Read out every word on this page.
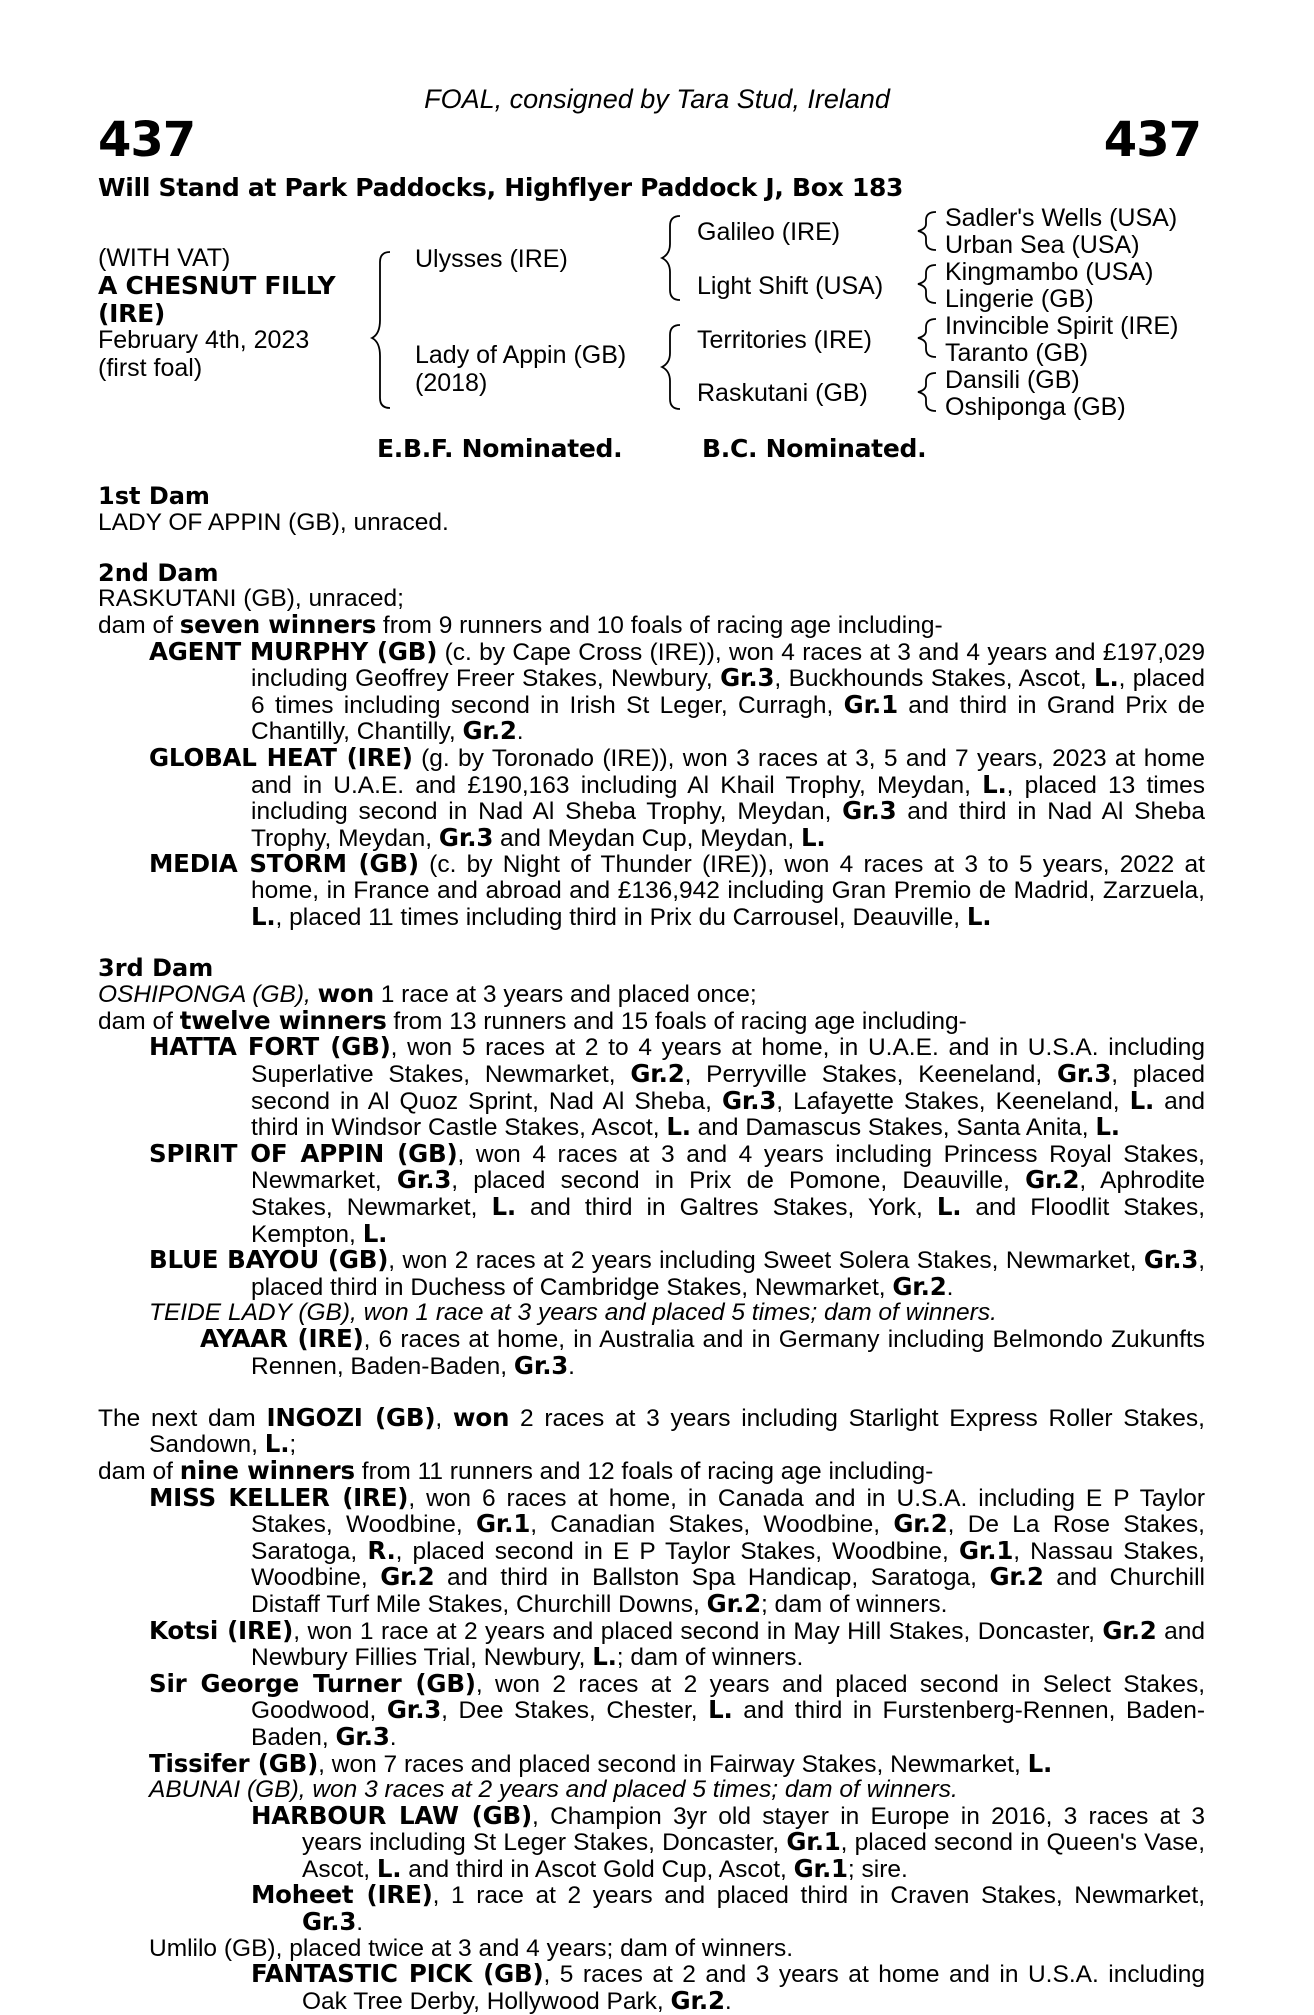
FOAL, consigned by Tara Stud, Ireland
437	437
Will Stand at Park Paddocks, Highflyer Paddock J, Box 183
(WITH VAT)
A CHESNUT FILLY
(IRE)
February 4th, 2023
(first foal)
Ulysses (IRE)
Lady of Appin (GB)
(2018)
Galileo (IRE)
Light Shift (USA)
Territories (IRE)
Raskutani (GB)
Sadler's Wells (USA)
Urban Sea (USA)
Kingmambo (USA)
Lingerie (GB)
Invincible Spirit (IRE)
Taranto (GB)
Dansili (GB)
Oshiponga (GB)
E.B.F. Nominated.	B.C. Nominated.
1st Dam

LADY OF APPIN (GB), unraced.

2nd Dam

RASKUTANI (GB), unraced;

dam of seven winners from 9 runners and 10 foals of racing age including-

AGENT MURPHY (GB) (c. by Cape Cross (IRE)), won 4 races at 3 and 4 years and £197,029 including Geoffrey Freer Stakes, Newbury, Gr.3, Buckhounds Stakes, Ascot, L., placed 6 times including second in Irish St Leger, Curragh, Gr.1 and third in Grand Prix de Chantilly, Chantilly, Gr.2.

GLOBAL HEAT (IRE) (g. by Toronado (IRE)), won 3 races at 3, 5 and 7 years, 2023 at home and in U.A.E. and £190,163 including Al Khail Trophy, Meydan, L., placed 13 times including second in Nad Al Sheba Trophy, Meydan, Gr.3 and third in Nad Al Sheba Trophy, Meydan, Gr.3 and Meydan Cup, Meydan, L.

MEDIA STORM (GB) (c. by Night of Thunder (IRE)), won 4 races at 3 to 5 years, 2022 at home, in France and abroad and £136,942 including Gran Premio de Madrid, Zarzuela, L., placed 11 times including third in Prix du Carrousel, Deauville, L.

3rd Dam

OSHIPONGA (GB), won 1 race at 3 years and placed once;

dam of twelve winners from 13 runners and 15 foals of racing age including-

HATTA FORT (GB), won 5 races at 2 to 4 years at home, in U.A.E. and in U.S.A. including Superlative Stakes, Newmarket, Gr.2, Perryville Stakes, Keeneland, Gr.3, placed second in Al Quoz Sprint, Nad Al Sheba, Gr.3, Lafayette Stakes, Keeneland, L. and third in Windsor Castle Stakes, Ascot, L. and Damascus Stakes, Santa Anita, L.

SPIRIT OF APPIN (GB), won 4 races at 3 and 4 years including Princess Royal Stakes, Newmarket, Gr.3, placed second in Prix de Pomone, Deauville, Gr.2, Aphrodite Stakes, Newmarket, L. and third in Galtres Stakes, York, L. and Floodlit Stakes, Kempton, L.

BLUE BAYOU (GB), won 2 races at 2 years including Sweet Solera Stakes, Newmarket, Gr.3, placed third in Duchess of Cambridge Stakes, Newmarket, Gr.2.

TEIDE LADY (GB), won 1 race at 3 years and placed 5 times; dam of winners.

AYAAR (IRE), 6 races at home, in Australia and in Germany including Belmondo Zukunfts Rennen, Baden-Baden, Gr.3.

The next dam INGOZI (GB), won 2 races at 3 years including Starlight Express Roller Stakes, Sandown, L.;

dam of nine winners from 11 runners and 12 foals of racing age including-

MISS KELLER (IRE), won 6 races at home, in Canada and in U.S.A. including E P Taylor Stakes, Woodbine, Gr.1, Canadian Stakes, Woodbine, Gr.2, De La Rose Stakes, Saratoga, R., placed second in E P Taylor Stakes, Woodbine, Gr.1, Nassau Stakes, Woodbine, Gr.2 and third in Ballston Spa Handicap, Saratoga, Gr.2 and Churchill Distaff Turf Mile Stakes, Churchill Downs, Gr.2; dam of winners.

Kotsi (IRE), won 1 race at 2 years and placed second in May Hill Stakes, Doncaster, Gr.2 and Newbury Fillies Trial, Newbury, L.; dam of winners.

Sir George Turner (GB), won 2 races at 2 years and placed second in Select Stakes, Goodwood, Gr.3, Dee Stakes, Chester, L. and third in Furstenberg-Rennen, Baden-Baden, Gr.3.

Tissifer (GB), won 7 races and placed second in Fairway Stakes, Newmarket, L.

ABUNAI (GB), won 3 races at 2 years and placed 5 times; dam of winners.

HARBOUR LAW (GB), Champion 3yr old stayer in Europe in 2016, 3 races at 3 years including St Leger Stakes, Doncaster, Gr.1, placed second in Queen's Vase, Ascot, L. and third in Ascot Gold Cup, Ascot, Gr.1; sire.

Moheet (IRE), 1 race at 2 years and placed third in Craven Stakes, Newmarket, Gr.3.

Umlilo (GB), placed twice at 3 and 4 years; dam of winners.

FANTASTIC PICK (GB), 5 races at 2 and 3 years at home and in U.S.A. including Oak Tree Derby, Hollywood Park, Gr.2.
